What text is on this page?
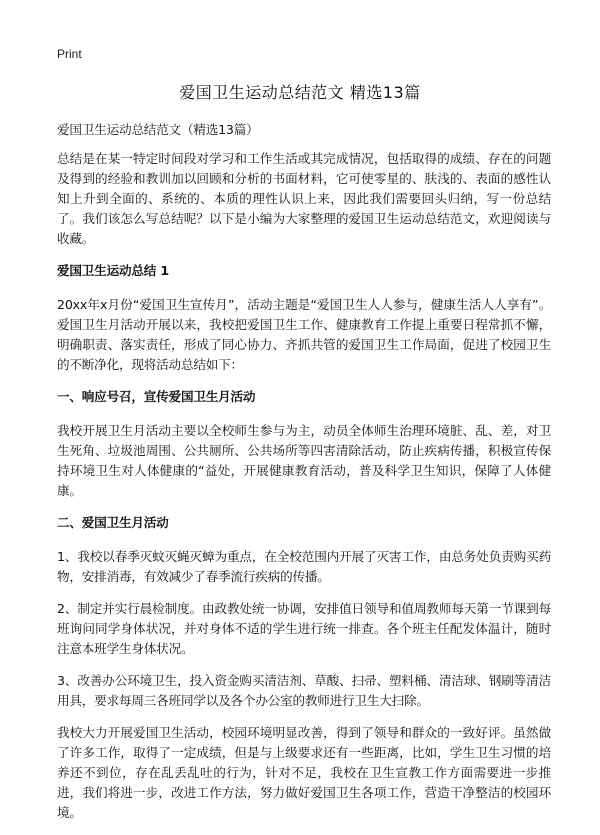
Print
爱国卫生运动总结范文 精选13篇

爱国卫生运动总结范文（精选13篇）

总结是在某一特定时间段对学习和工作生活或其完成情况，包括取得的成绩、存在的问题及得到的经验和教训加以回顾和分析的书面材料，它可使零星的、肤浅的、表面的感性认知上升到全面的、系统的、本质的理性认识上来，因此我们需要回头归纳，写一份总结了。我们该怎么写总结呢？以下是小编为大家整理的爱国卫生运动总结范文，欢迎阅读与收藏。

爱国卫生运动总结 1

20xx年x月份“爱国卫生宣传月”，活动主题是“爱国卫生人人参与，健康生活人人享有”。爱国卫生月活动开展以来，我校把爱国卫生工作、健康教育工作提上重要日程常抓不懈，明确职责、落实责任，形成了同心协力、齐抓共管的爱国卫生工作局面，促进了校园卫生的不断净化，现将活动总结如下：

一、响应号召，宣传爱国卫生月活动

我校开展卫生月活动主要以全校师生参与为主，动员全体师生治理环境脏、乱、差，对卫生死角、垃圾池周围、公共厕所、公共场所等四害清除活动，防止疾病传播，积极宣传保持环境卫生对人体健康的“益处，开展健康教育活动，普及科学卫生知识，保障了人体健康。

二、爱国卫生月活动

1、我校以春季灭蚊灭蝇灭蟑为重点，在全校范围内开展了灭害工作，由总务处负责购买药物，安排消毒，有效减少了春季流行疾病的传播。

2、制定并实行晨检制度。由政教处统一协调，安排值日领导和值周教师每天第一节课到每班询问同学身体状况，并对身体不适的学生进行统一排查。各个班主任配发体温计，随时注意本班学生身体状况。

3、改善办公环境卫生，投入资金购买清洁剂、草酸、扫帚、塑料桶、清洁球、钢刷等清洁用具，要求每周三各班同学以及各个办公室的教师进行卫生大扫除。

我校大力开展爱国卫生活动，校园环境明显改善，得到了领导和群众的一致好评。虽然做了许多工作，取得了一定成绩，但是与上级要求还有一些距离，比如，学生卫生习惯的培养还不到位，存在乱丢乱吐的行为，针对不足，我校在卫生宣教工作方面需要进一步推进，我们将进一步，改进工作方法，努力做好爱国卫生各项工作，营造干净整洁的校园环境。
